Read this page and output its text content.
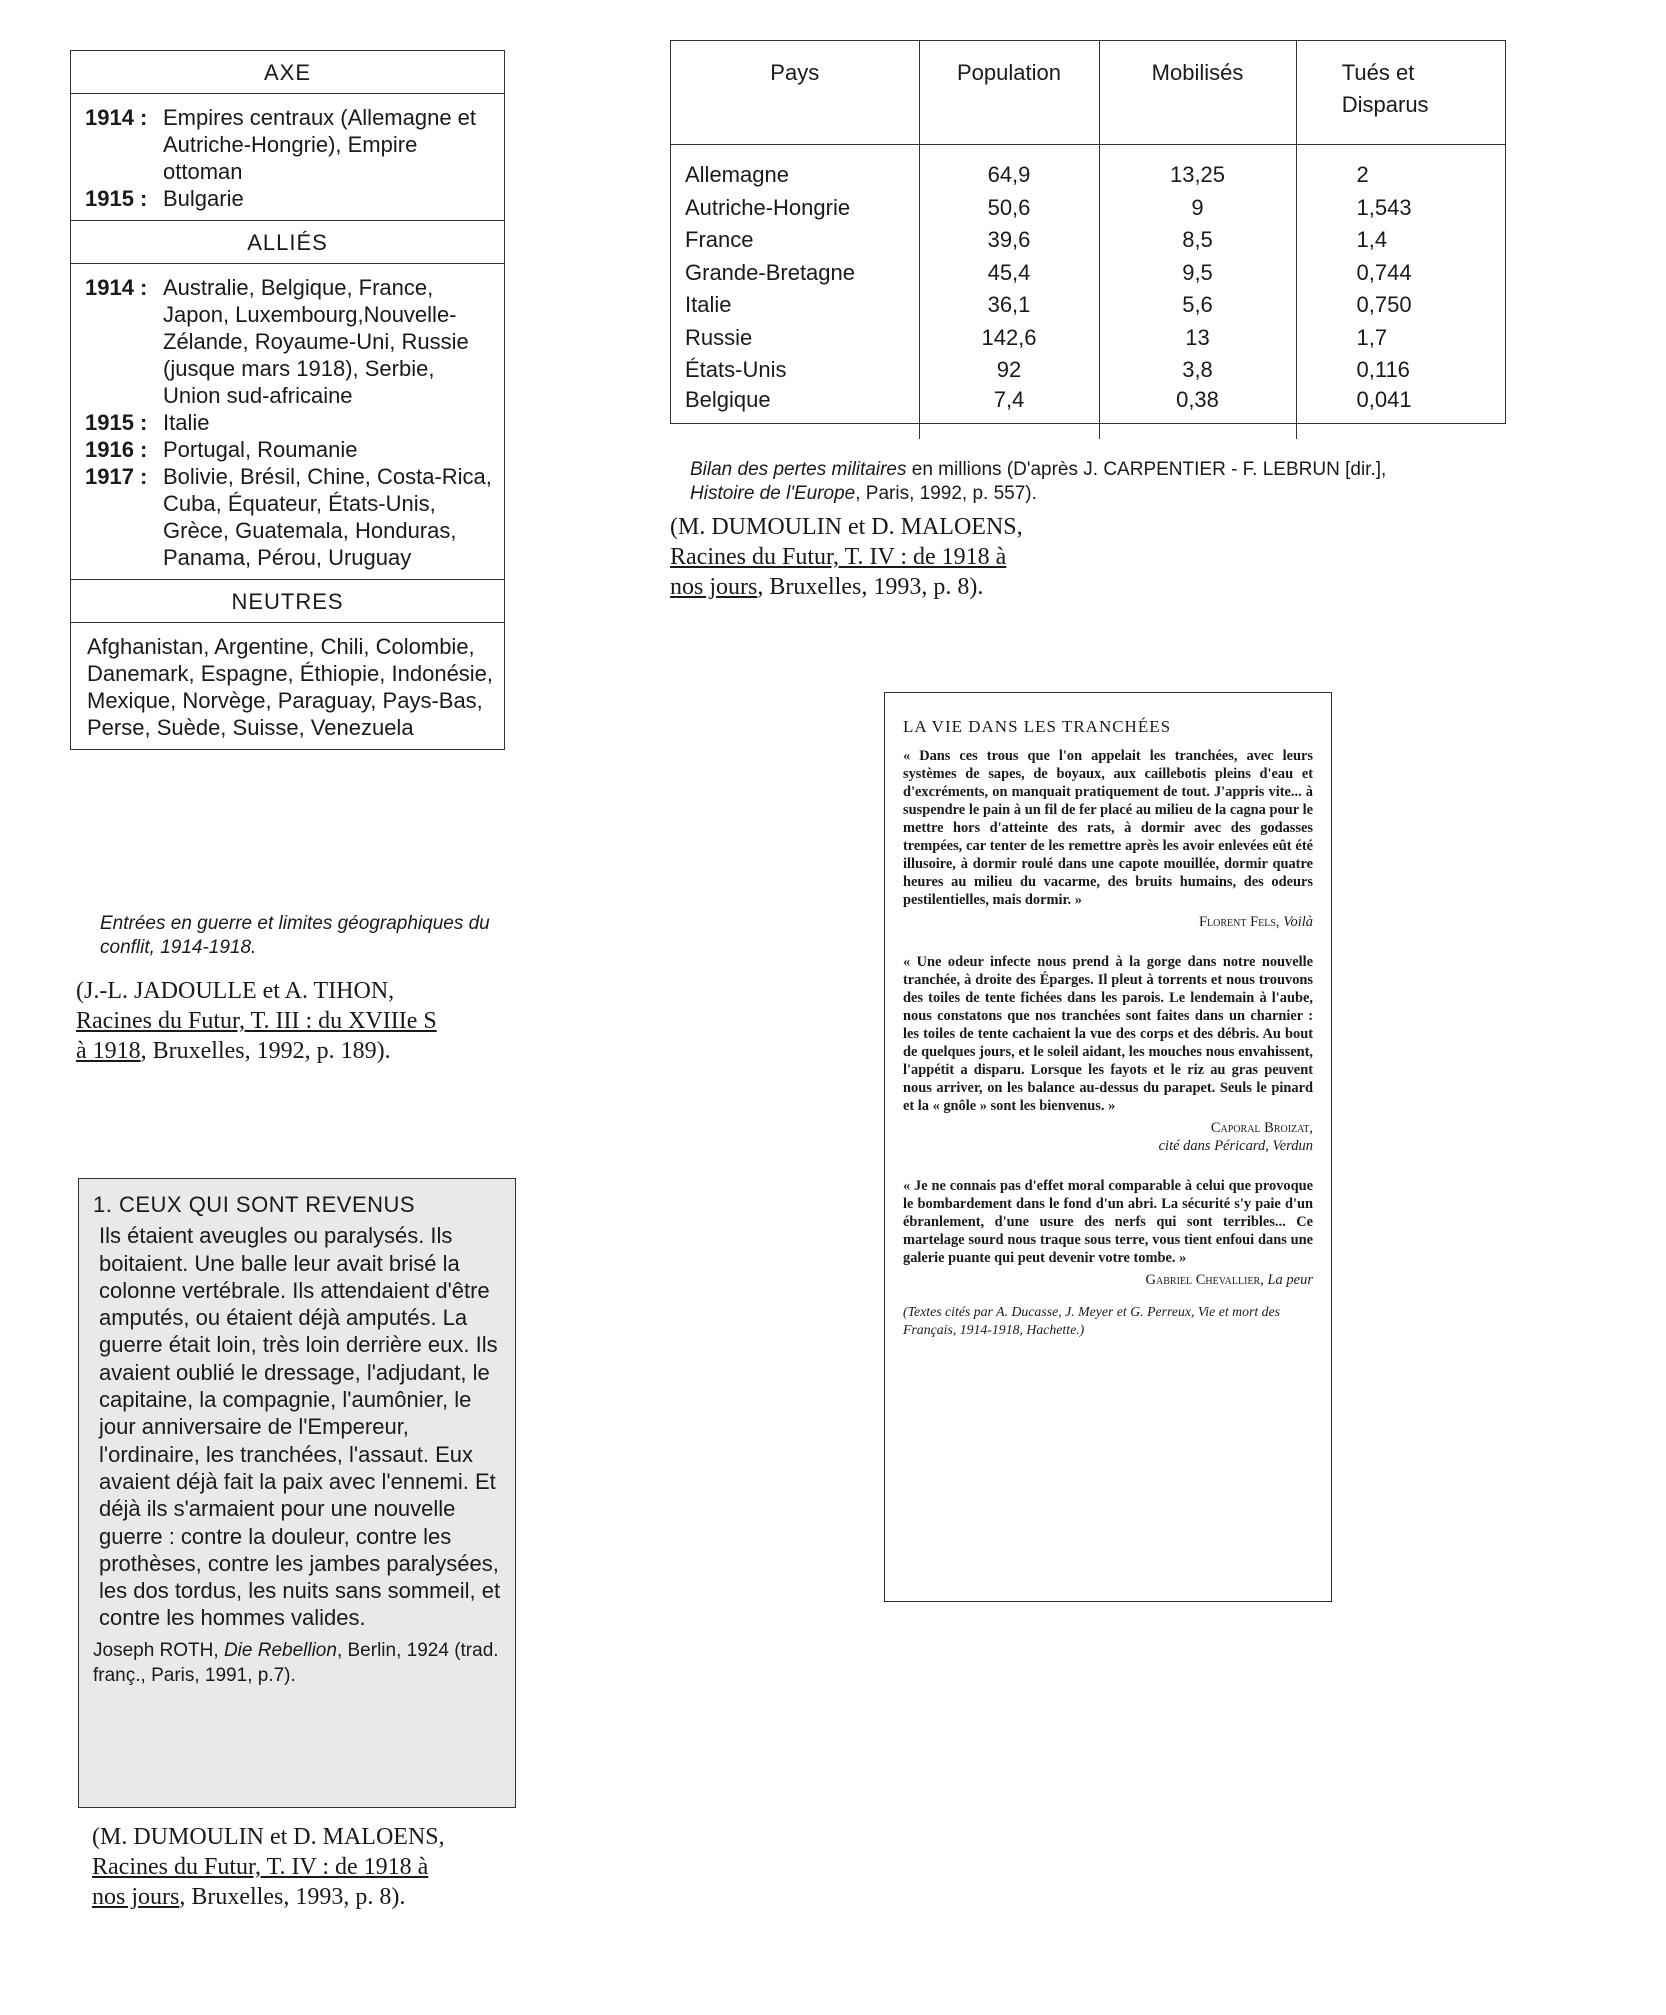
AXE
1914 : Empires centraux (Allemagne et Autriche-Hongrie), Empire ottoman
1915 : Bulgarie
ALLIÉS
1914 : Australie, Belgique, France, Japon, Luxembourg,Nouvelle-Zélande, Royaume-Uni, Russie (jusque mars 1918), Serbie, Union sud-africaine
1915 : Italie
1916 : Portugal, Roumanie
1917 : Bolivie, Brésil, Chine, Costa-Rica, Cuba, Équateur, États-Unis, Grèce, Guatemala, Honduras, Panama, Pérou, Uruguay
NEUTRES
Afghanistan, Argentine, Chili, Colombie, Danemark, Espagne, Éthiopie, Indonésie, Mexique, Norvège, Paraguay, Pays-Bas, Perse, Suède, Suisse, Venezuela
Entrées en guerre et limites géographiques du conflit, 1914-1918.
(J.-L. JADOULLE et A. TIHON,
Racines du Futur, T. III : du XVIIIe S
à 1918, Bruxelles, 1992, p. 189).
Pays	Population	Mobilisés	Tués et Disparus
Allemagne	64,9	13,25	2
Autriche-Hongrie	50,6	9	1,543
France	39,6	8,5	1,4
Grande-Bretagne	45,4	9,5	0,744
Italie	36,1	5,6	0,750
Russie	142,6	13	1,7
États-Unis	92	3,8	0,116
Belgique	7,4	0,38	0,041
Bilan des pertes militaires en millions (D'après J. CARPENTIER - F. LEBRUN [dir.],
Histoire de l'Europe, Paris, 1992, p. 557).
(M. DUMOULIN et D. MALOENS,
Racines du Futur, T. IV : de 1918 à
nos jours, Bruxelles, 1993, p. 8).
1. CEUX QUI SONT REVENUS
Ils étaient aveugles ou paralysés. Ils boitaient. Une balle leur avait brisé la colonne vertébrale. Ils attendaient d'être amputés, ou étaient déjà amputés. La guerre était loin, très loin derrière eux. Ils avaient oublié le dressage, l'adjudant, le capitaine, la compagnie, l'aumônier, le jour anniversaire de l'Empereur, l'ordinaire, les tranchées, l'assaut. Eux avaient déjà fait la paix avec l'ennemi. Et déjà ils s'armaient pour une nouvelle guerre : contre la douleur, contre les prothèses, contre les jambes paralysées, les dos tordus, les nuits sans sommeil, et contre les hommes valides.
Joseph ROTH, Die Rebellion, Berlin, 1924 (trad. franç., Paris, 1991, p.7).
(M. DUMOULIN et D. MALOENS,
Racines du Futur, T. IV : de 1918 à
nos jours, Bruxelles, 1993, p. 8).
LA VIE DANS LES TRANCHÉES
« Dans ces trous que l'on appelait les tranchées, avec leurs systèmes de sapes, de boyaux, aux caillebotis pleins d'eau et d'excréments, on manquait pratiquement de tout. J'appris vite... à suspendre le pain à un fil de fer placé au milieu de la cagna pour le mettre hors d'atteinte des rats, à dormir avec des godasses trempées, car tenter de les remettre après les avoir enlevées eût été illusoire, à dormir roulé dans une capote mouillée, dormir quatre heures au milieu du vacarme, des bruits humains, des odeurs pestilentielles, mais dormir. »
Florent Fels, Voilà
« Une odeur infecte nous prend à la gorge dans notre nouvelle tranchée, à droite des Éparges. Il pleut à torrents et nous trouvons des toiles de tente fichées dans les parois. Le lendemain à l'aube, nous constatons que nos tranchées sont faites dans un charnier : les toiles de tente cachaient la vue des corps et des débris. Au bout de quelques jours, et le soleil aidant, les mouches nous envahissent, l'appétit a disparu. Lorsque les fayots et le riz au gras peuvent nous arriver, on les balance au-dessus du parapet. Seuls le pinard et la « gnôle » sont les bienvenus. »
Caporal Broizat,
cité dans Péricard, Verdun
« Je ne connais pas d'effet moral comparable à celui que provoque le bombardement dans le fond d'un abri. La sécurité s'y paie d'un ébranlement, d'une usure des nerfs qui sont terribles... Ce martelage sourd nous traque sous terre, vous tient enfoui dans une galerie puante qui peut devenir votre tombe. »
Gabriel Chevallier, La peur
(Textes cités par A. Ducasse, J. Meyer et G. Perreux, Vie et mort des Français, 1914-1918, Hachette.)
